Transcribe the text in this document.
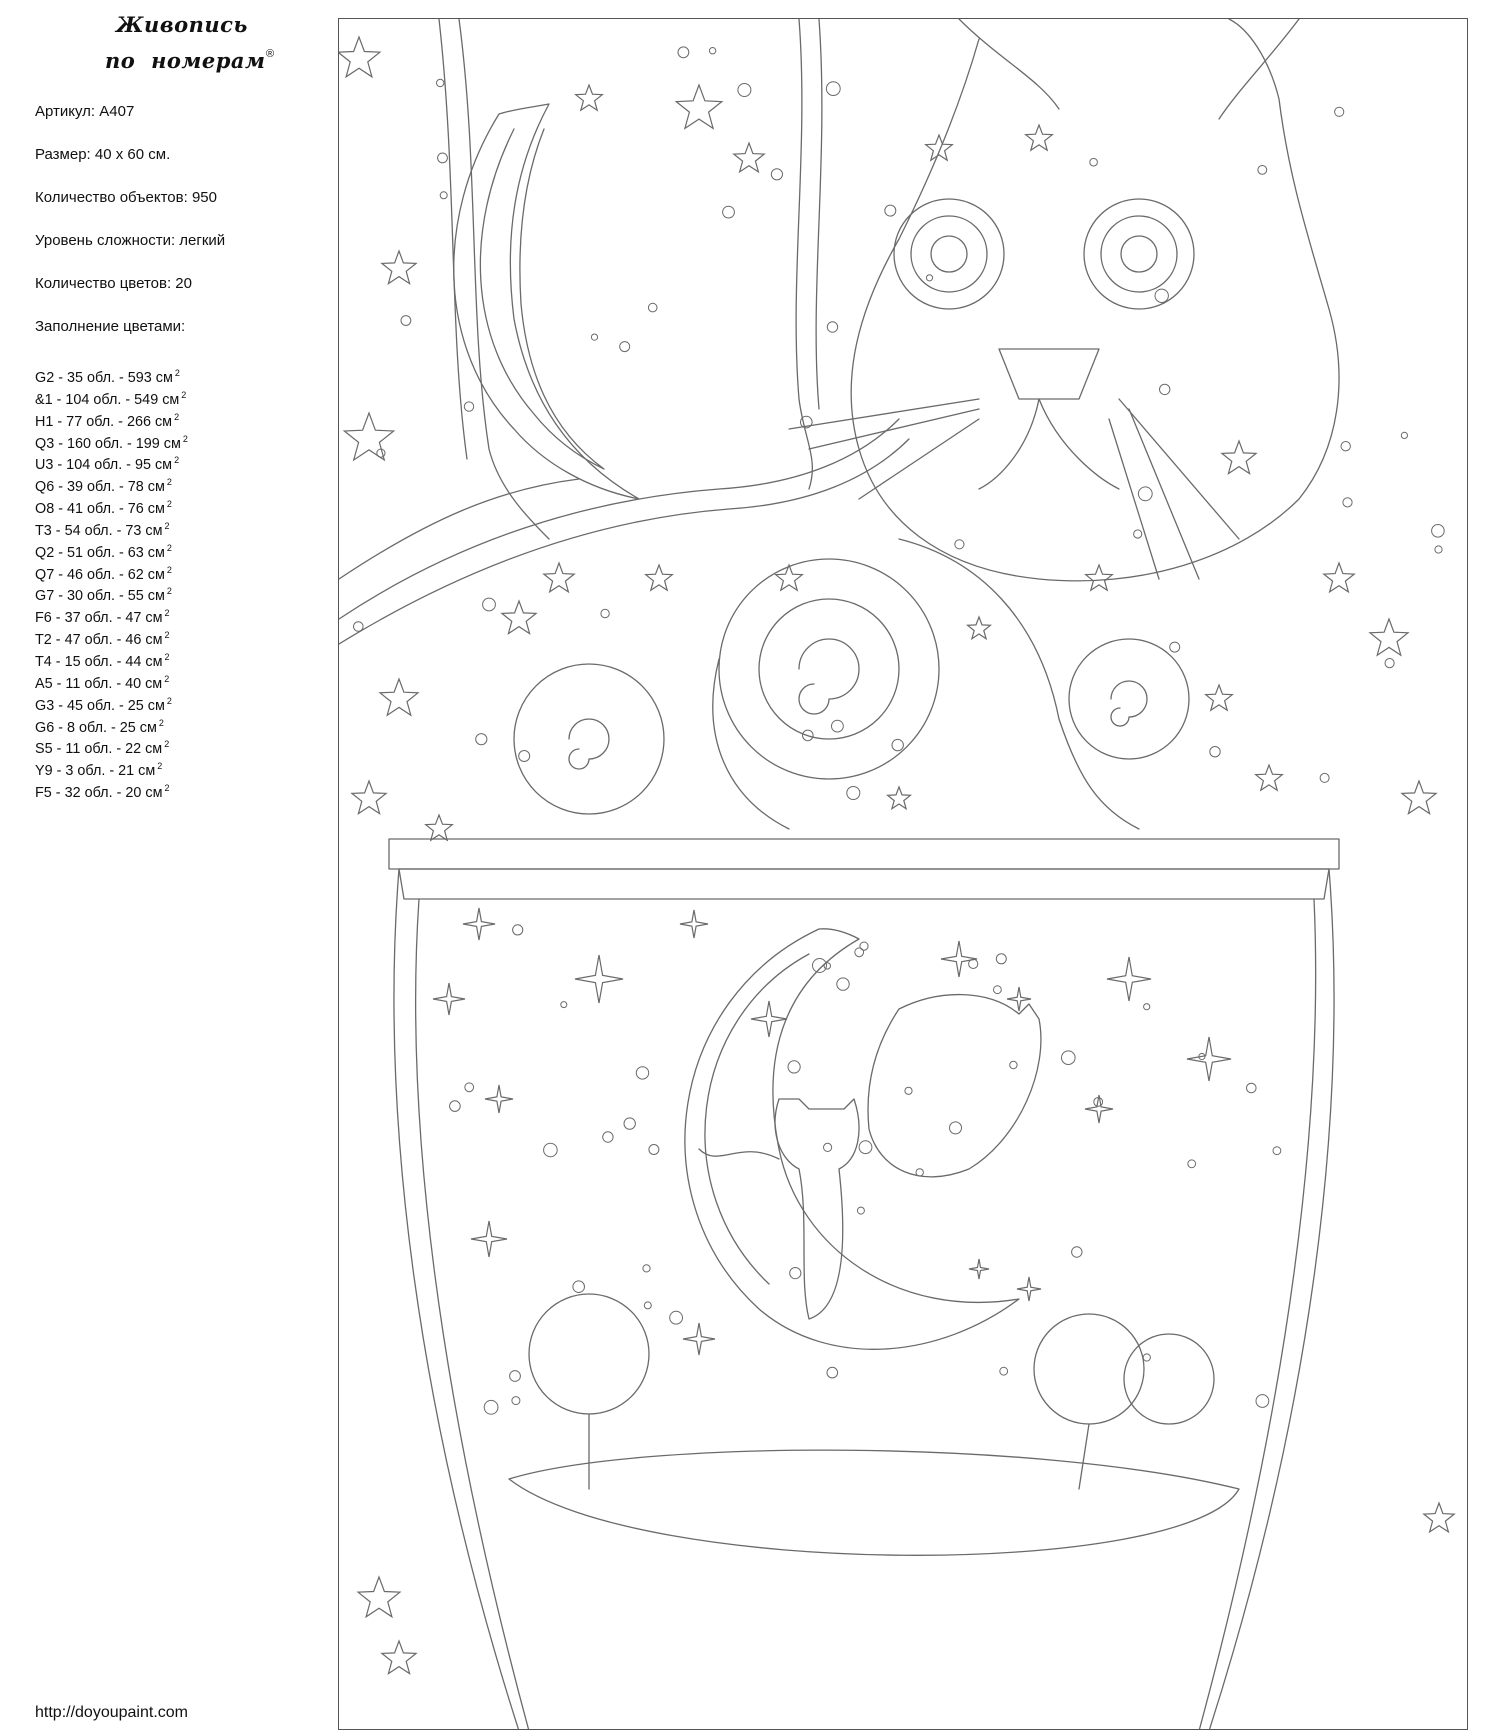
Живопись
по номерам ®
Артикул: A407
Размер: 40 х 60 см.
Количество объектов: 950
Уровень сложности: легкий
Количество цветов: 20
Заполнение цветами:
G2 - 35 обл. - 593 см $^2$
&1 - 104 обл. - 549 см $^2$
H1 - 77 обл. - 266 см $^2$
Q3 - 160 обл. - 199 см $^2$
U3 - 104 обл. - 95 см $^2$
Q6 - 39 обл. - 78 см $^2$
O8 - 41 обл. - 76 см $^2$
T3 - 54 обл. - 73 см $^2$
Q2 - 51 обл. - 63 см $^2$
Q7 - 46 обл. - 62 см $^2$
G7 - 30 обл. - 55 см $^2$
F6 - 37 обл. - 47 см $^2$
T2 - 47 обл. - 46 см $^2$
T4 - 15 обл. - 44 см $^2$
A5 - 11 обл. - 40 см $^2$
G3 - 45 обл. - 25 см $^2$
G6 - 8 обл. - 25 см $^2$
S5 - 11 обл. - 22 см $^2$
Y9 - 3 обл. - 21 см $^2$
F5 - 32 обл. - 20 см $^2$
http://doyoupaint.com
